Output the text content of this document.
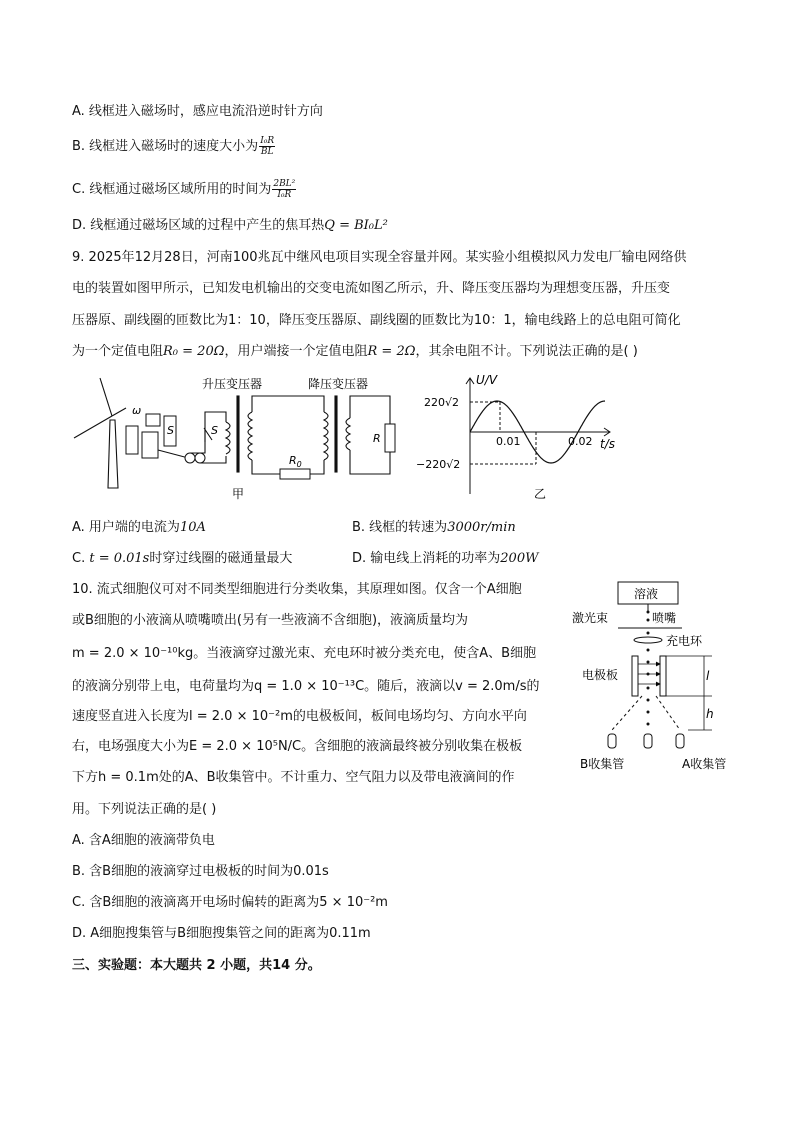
A. 线框进入磁场时，感应电流沿逆时针方向
B. 线框进入磁场时的速度大小为 $\frac{\text{I₀R}}{BL}$
C. 线框通过磁场区域所用的时间为 $\frac{\text{2BL²}}{\text{I₀R}}$
D. 线框通过磁场区域的过程中产生的焦耳热Q = BI₀L²
9. 2025年12月28日，河南100兆瓦中继风电项目实现全容量并网。某实验小组模拟风力发电厂输电网络供
电的装置如图甲所示，已知发电机输出的交变电流如图乙所示，升、降压变压器均为理想变压器，升压变
压器原、副线圈的匝数比为1：10，降压变压器原、副线圈的匝数比为10：1，输电线路上的总电阻可简化
为一个定值电阻R₀ = 20Ω，用户端接一个定值电阻R = 2Ω，其余电阻不计。下列说法正确的是( )
ω
S	S
升压变压器
$R_0$
降压变压器
R
甲
U/V
220√2
−220√2
0.01	0.02 t/s
乙
A. 用户端的电流为10A	B. 线框的转速为3000r/min
C. t = 0.01s时穿过线圈的磁通量最大	D. 输电线上消耗的功率为200W
10. 流式细胞仪可对不同类型细胞进行分类收集，其原理如图。仅含一个A细胞
或B细胞的小液滴从喷嘴喷出(另有一些液滴不含细胞)，液滴质量均为
m = 2.0 × 10⁻¹⁰kg。当液滴穿过激光束、充电环时被分类充电，使含A、B细胞
的液滴分别带上电，电荷量均为q = 1.0 × 10⁻¹³C。随后，液滴以v = 2.0m/s的
速度竖直进入长度为l = 2.0 × 10⁻²m的电极板间，板间电场均匀、方向水平向
右，电场强度大小为E = 2.0 × 10⁵N/C。含细胞的液滴最终被分别收集在极板
下方h = 0.1m处的A、B收集管中。不计重力、空气阻力以及带电液滴间的作
用。下列说法正确的是( )
溶液
激光束	喷嘴
充电环
电极板	l
h
B收集管	A收集管
A. 含A细胞的液滴带负电
B. 含B细胞的液滴穿过电极板的时间为0.01s
C. 含B细胞的液滴离开电场时偏转的距离为5 × 10⁻²m
D. A细胞搜集管与B细胞搜集管之间的距离为0.11m
三、实验题：本大题共 2 小题，共14 分。
